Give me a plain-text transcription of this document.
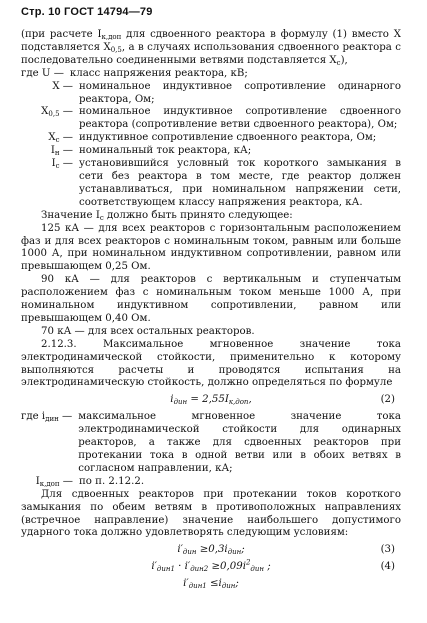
Стр. 10 ГОСТ 14794—79

(при расчете $I_{к,доп}$ для сдвоенного реактора в формулу (1) вместо X подставляется $X_{0,5}$, а в случаях использования сдвоенного реактора с последовательно соединенными ветвями подставляется $X_с$),

где U — класс напряжения реактора, кВ;
X — номинальное индуктивное сопротивление одинарного реактора, Ом;
$X_{0,5}$ — номинальное индуктивное сопротивление сдвоенного реактора (сопротивление ветви сдвоенного реактора), Ом;
$X_с$ — индуктивное сопротивление сдвоенного реактора, Ом;
$I_н$ — номинальный ток реактора, кА;
$I_с$ — установившийся условный ток короткого замыкания в сети без реактора в том месте, где реактор должен устанавливаться, при номинальном напряжении сети, соответствующем классу напряжения реактора, кА.

Значение $I_с$ должно быть принято следующее:

125 кА — для всех реакторов с горизонтальным расположением фаз и для всех реакторов с номинальным током, равным или больше 1000 А, при номинальном индуктивном сопротивлении, равном или превышающем 0,25 Ом.

90 кА — для реакторов с вертикальным и ступенчатым расположением фаз с номинальным током меньше 1000 А, при номинальном индуктивном сопротивлении, равном или превышающем 0,40 Ом.

70 кА — для всех остальных реакторов.

2.12.3. Максимальное мгновенное значение тока электродинамической стойкости, применительно к которому выполняются расчеты и проводятся испытания на электродинамическую стойкость, должно определяться по формуле

$i_{дин} = 2,55I_{к,доп}$,	(2)
где $i_{дин}$ — максимальное мгновенное значение тока электродинамической стойкости для одинарных реакторов, а также для сдвоенных реакторов при протекании тока в одной ветви или в обоих ветвях в согласном направлении, кА;
$I_{к,доп}$ — по п. 2.12.2.

Для сдвоенных реакторов при протекании токов короткого замыкания по обеим ветвям в противоположных направлениях (встречное направление) значение наибольшего допустимого ударного тока должно удовлетворять следующим условиям:

$i'_{дин} \ge 0,3i_{дин}$;	(3)
$i'_{дин1} \cdot i'_{дин2} \ge 0,09i^2_{дин}$ ;	(4)
$i'_{дин1} \le i_{дин}$;
